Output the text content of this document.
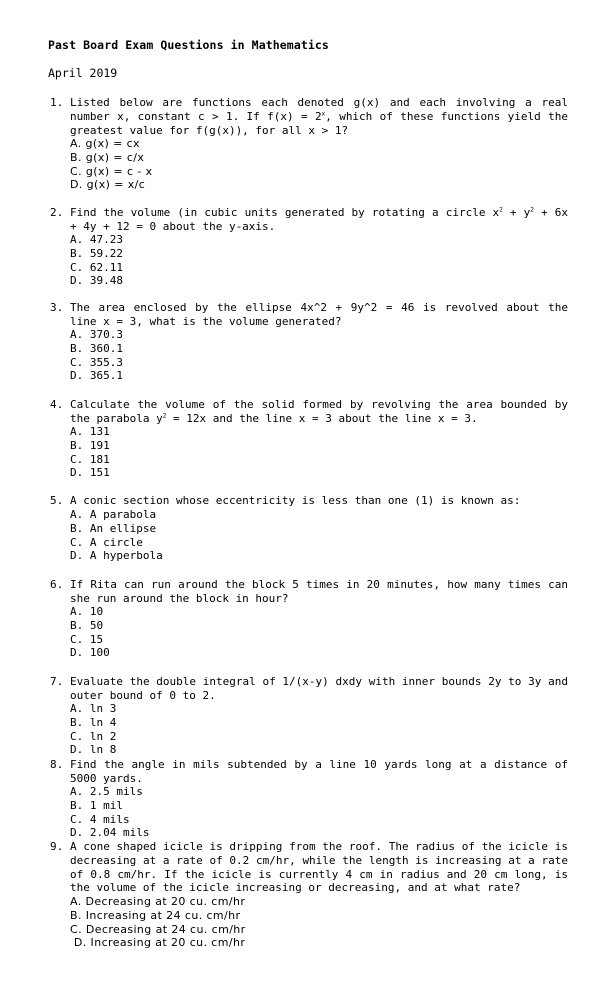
Past Board Exam Questions in Mathematics
April 2019
1. Listed below are functions each denoted g(x) and each involving a real number x, constant c > 1. If $f(x) = 2^x$, which of these functions yield the greatest value for f(g(x)), for all x > 1?
A. g(x) = cx
B. g(x) = c/x
C. g(x) = c - x
D. g(x) = x/c
2. Find the volume (in cubic units generated by rotating a circle $x^2 + y^2 + 6x + 4y + 12 = 0$ about the y-axis.
A. 47.23
B. 59.22
C. 62.11
D. 39.48
3. The area enclosed by the ellipse 4x^2 + 9y^2 = 46 is revolved about the line x = 3, what is the volume generated?
A. 370.3
B. 360.1
C. 355.3
D. 365.1
4. Calculate the volume of the solid formed by revolving the area bounded by the parabola $y^2 = 12x$ and the line x = 3 about the line x = 3.
A. 131
B. 191
C. 181
D. 151
5. A conic section whose eccentricity is less than one (1) is known as:
A. A parabola
B. An ellipse
C. A circle
D. A hyperbola
6. If Rita can run around the block 5 times in 20 minutes, how many times can she run around the block in hour?
A. 10
B. 50
C. 15
D. 100
7. Evaluate the double integral of 1/(x-y) dxdy with inner bounds 2y to 3y and outer bound of 0 to 2.
A. ln 3
B. ln 4
C. ln 2
D. ln 8
8. Find the angle in mils subtended by a line 10 yards long at a distance of 5000 yards.
A. 2.5 mils
B. 1 mil
C. 4 mils
D. 2.04 mils
9. A cone shaped icicle is dripping from the roof. The radius of the icicle is decreasing at a rate of 0.2 cm/hr, while the length is increasing at a rate of 0.8 cm/hr. If the icicle is currently 4 cm in radius and 20 cm long, is the volume of the icicle increasing or decreasing, and at what rate?
A. Decreasing at 20 cu. cm/hr
B. Increasing at 24 cu. cm/hr
C. Decreasing at 24 cu. cm/hr
D. Increasing at 20 cu. cm/hr
